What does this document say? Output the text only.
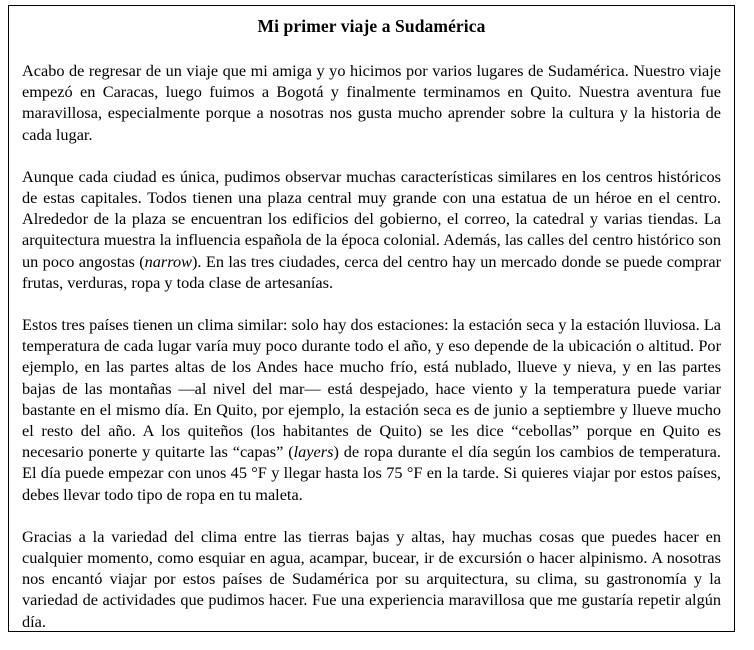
Mi primer viaje a Sudamérica

Acabo de regresar de un viaje que mi amiga y yo hicimos por varios lugares de Sudamérica. Nuestro viaje empezó en Caracas, luego fuimos a Bogotá y finalmente terminamos en Quito. Nuestra aventura fue maravillosa, especialmente porque a nosotras nos gusta mucho aprender sobre la cultura y la historia de cada lugar.

Aunque cada ciudad es única, pudimos observar muchas características similares en los centros históricos de estas capitales. Todos tienen una plaza central muy grande con una estatua de un héroe en el centro. Alrededor de la plaza se encuentran los edificios del gobierno, el correo, la catedral y varias tiendas. La arquitectura muestra la influencia española de la época colonial. Además, las calles del centro histórico son un poco angostas (narrow). En las tres ciudades, cerca del centro hay un mercado donde se puede comprar frutas, verduras, ropa y toda clase de artesanías.

Estos tres países tienen un clima similar: solo hay dos estaciones: la estación seca y la estación lluviosa. La temperatura de cada lugar varía muy poco durante todo el año, y eso depende de la ubicación o altitud. Por ejemplo, en las partes altas de los Andes hace mucho frío, está nublado, llueve y nieva, y en las partes bajas de las montañas —al nivel del mar— está despejado, hace viento y la temperatura puede variar bastante en el mismo día. En Quito, por ejemplo, la estación seca es de junio a septiembre y llueve mucho el resto del año. A los quiteños (los habitantes de Quito) se les dice “cebollas” porque en Quito es necesario ponerte y quitarte las “capas” (layers) de ropa durante el día según los cambios de temperatura. El día puede empezar con unos 45 °F y llegar hasta los 75 °F en la tarde. Si quieres viajar por estos países, debes llevar todo tipo de ropa en tu maleta.

Gracias a la variedad del clima entre las tierras bajas y altas, hay muchas cosas que puedes hacer en cualquier momento, como esquiar en agua, acampar, bucear, ir de excursión o hacer alpinismo. A nosotras nos encantó viajar por estos países de Sudamérica por su arquitectura, su clima, su gastronomía y la variedad de actividades que pudimos hacer. Fue una experiencia maravillosa que me gustaría repetir algún día.
